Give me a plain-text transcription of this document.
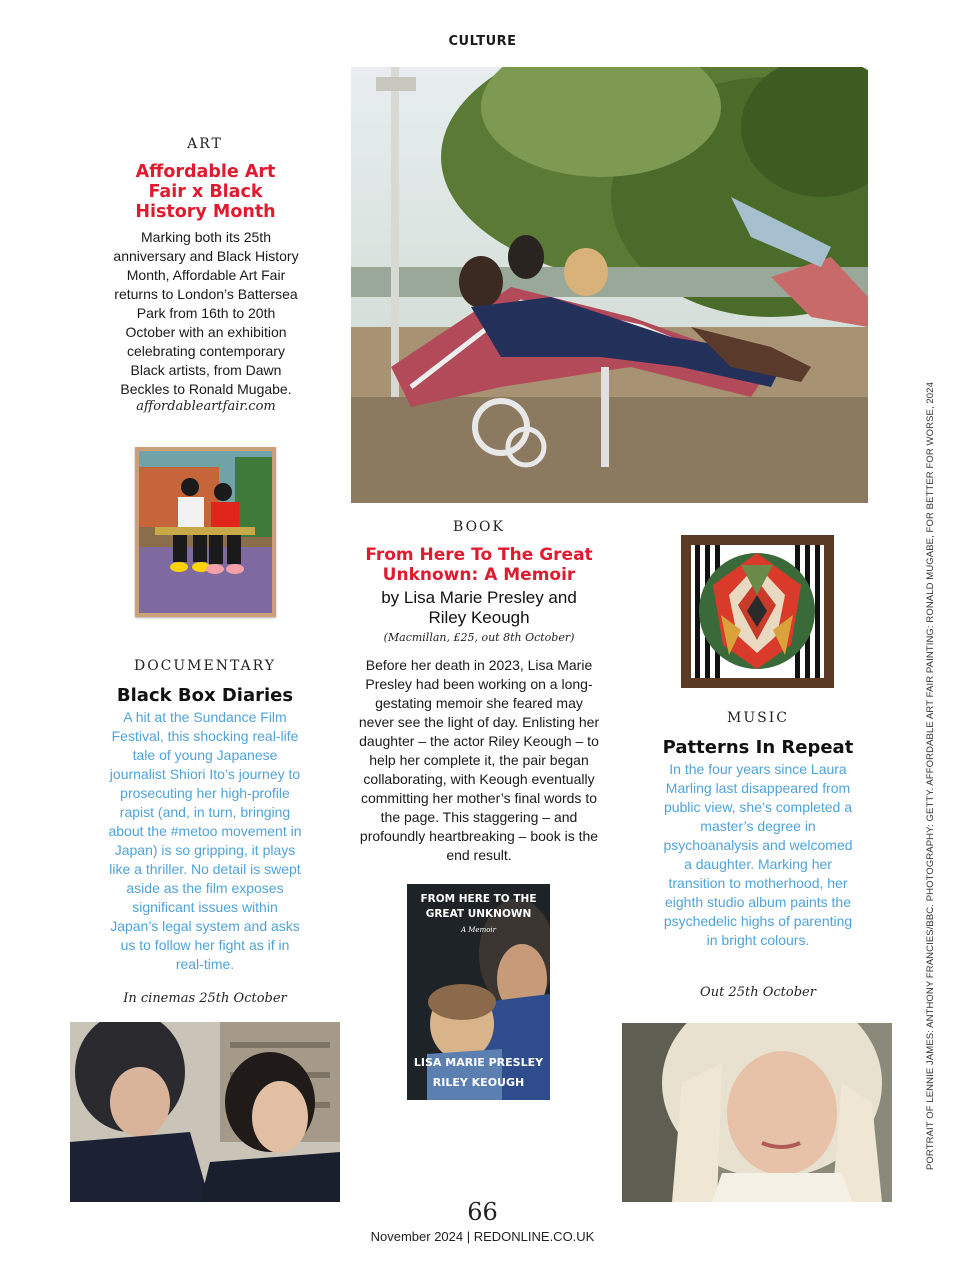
CULTURE
ART
Affordable Art Fair x Black History Month
Marking both its 25th anniversary and Black History Month, Affordable Art Fair returns to London’s Battersea Park from 16th to 20th October with an exhibition celebrating contemporary Black artists, from Dawn Beckles to Ronald Mugabe.
affordableartfair.com
DOCUMENTARY
Black Box Diaries
A hit at the Sundance Film Festival, this shocking real-life tale of young Japanese journalist Shiori Ito’s journey to prosecuting her high-profile rapist (and, in turn, bringing about the #metoo movement in Japan) is so gripping, it plays like a thriller. No detail is swept aside as the film exposes significant issues within Japan’s legal system and asks us to follow her fight as if in real-time.
In cinemas 25th October
BOOK
From Here To The Great Unknown: A Memoir
by Lisa Marie Presley and Riley Keough
(Macmillan, £25, out 8th October)
Before her death in 2023, Lisa Marie Presley had been working on a long-gestating memoir she feared may never see the light of day. Enlisting her daughter – the actor Riley Keough – to help her complete it, the pair began collaborating, with Keough eventually committing her mother’s final words to the page. This staggering – and profoundly heartbreaking – book is the end result.
FROM HERE TO THE GREAT UNKNOWN
A Memoir
LISA MARIE PRESLEY
RILEY KEOUGH
MUSIC
Patterns In Repeat
In the four years since Laura Marling last disappeared from public view, she’s completed a master’s degree in psychoanalysis and welcomed a daughter. Marking her transition to motherhood, her eighth studio album paints the psychedelic highs of parenting in bright colours.
Out 25th October
66
November 2024 | REDONLINE.CO.UK
PORTRAIT OF LENNIE JAMES: ANTHONY FRANCIES/BBC. PHOTOGRAPHY: GETTY. AFFORDABLE ART FAIR PAINTING: RONALD MUGABE, FOR BETTER FOR WORSE, 2024
